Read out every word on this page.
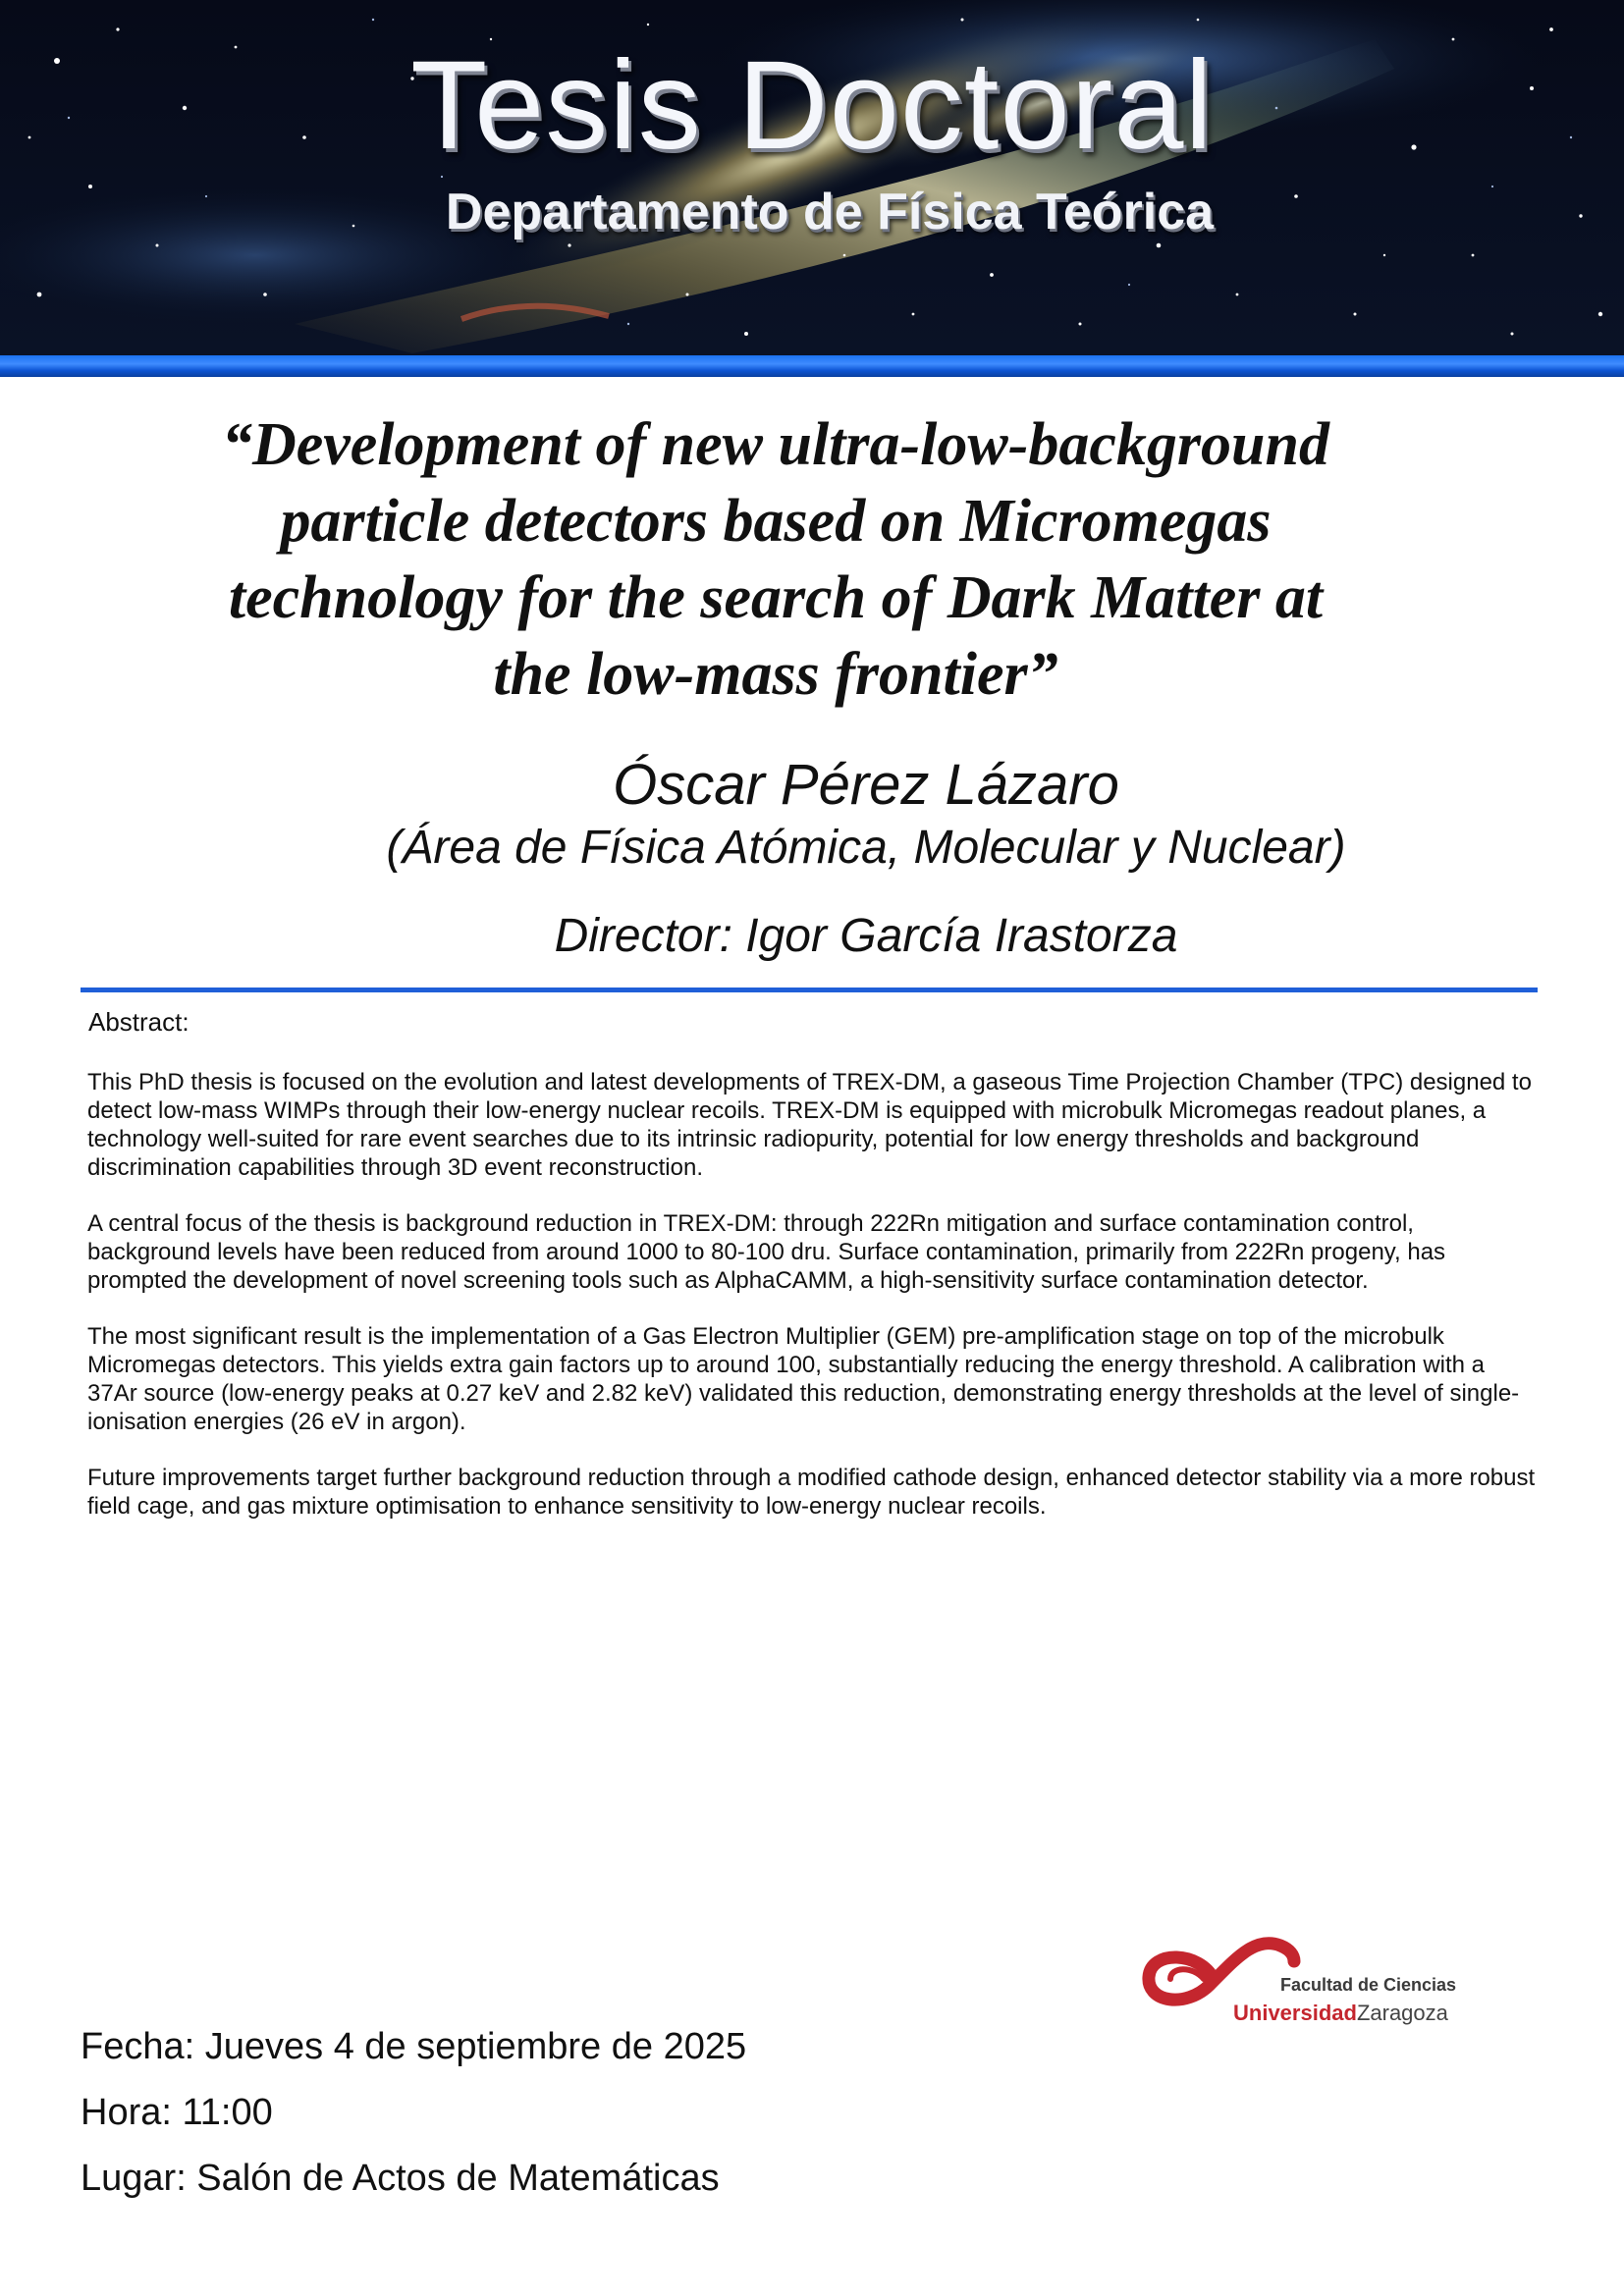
Tesis Doctoral
Departamento de Física Teórica
“Development of new ultra-low-background
particle detectors based on Micromegas
technology for the search of Dark Matter at
the low-mass frontier”
Óscar Pérez Lázaro
(Área de Física Atómica, Molecular y Nuclear)
Director: Igor García Irastorza
Abstract:

This PhD thesis is focused on the evolution and latest developments of TREX-DM, a gaseous Time Projection Chamber (TPC) designed to detect low-mass WIMPs through their low-energy nuclear recoils. TREX-DM is equipped with microbulk Micromegas readout planes, a technology well-suited for rare event searches due to its intrinsic radiopurity, potential for low energy thresholds and background discrimination capabilities through 3D event reconstruction.

A central focus of the thesis is background reduction in TREX-DM: through 222Rn mitigation and surface contamination control, background levels have been reduced from around 1000 to 80-100 dru. Surface contamination, primarily from 222Rn progeny, has prompted the development of novel screening tools such as AlphaCAMM, a high-sensitivity surface contamination detector.

The most significant result is the implementation of a Gas Electron Multiplier (GEM) pre-amplification stage on top of the microbulk Micromegas detectors. This yields extra gain factors up to around 100, substantially reducing the energy threshold. A calibration with a 37Ar source (low-energy peaks at 0.27 keV and 2.82 keV) validated this reduction, demonstrating energy thresholds at the level of single-ionisation energies (26 eV in argon).

Future improvements target further background reduction through a modified cathode design, enhanced detector stability via a more robust field cage, and gas mixture optimisation to enhance sensitivity to low-energy nuclear recoils.

Facultad de Ciencias
UniversidadZaragoza
Fecha: Jueves 4 de septiembre de 2025
Hora: 11:00
Lugar: Salón de Actos de Matemáticas
